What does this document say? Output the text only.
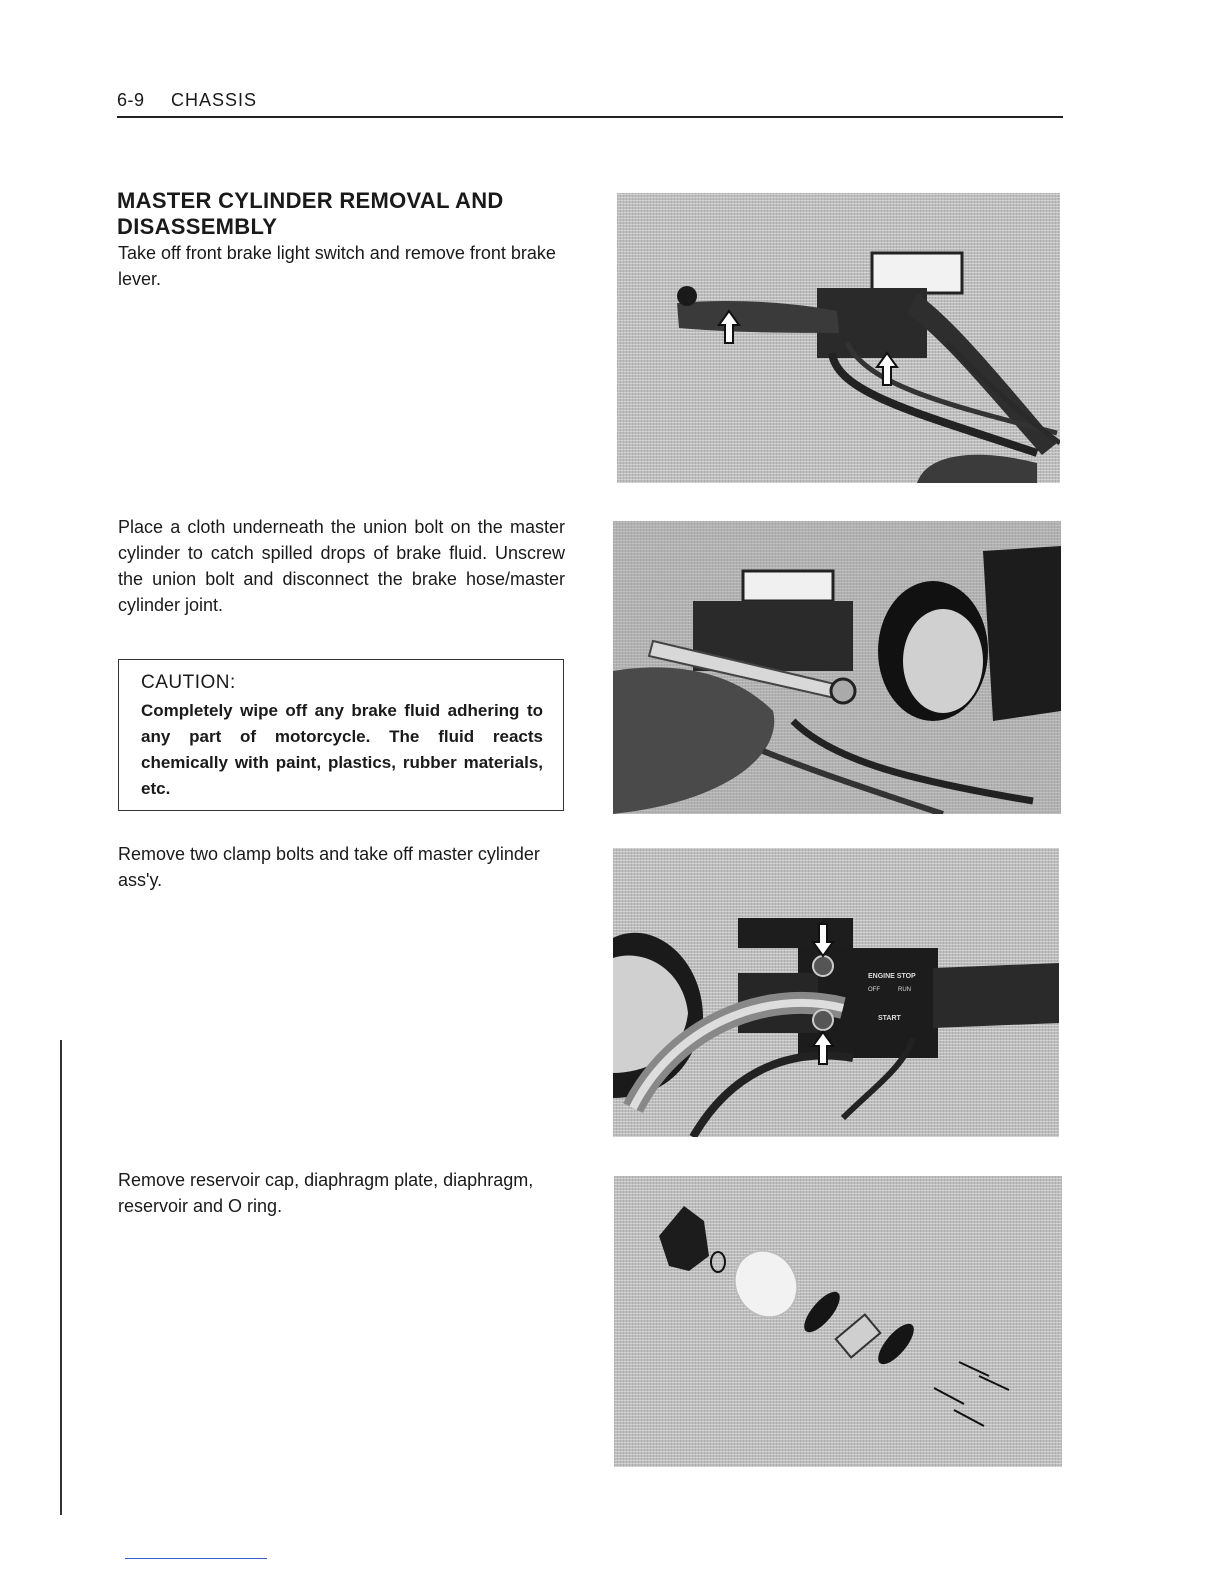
6-9 CHASSIS
MASTER CYLINDER REMOVAL AND DISASSEMBLY
Take off front brake light switch and remove front brake lever.
Place a cloth underneath the union bolt on the master cylinder to catch spilled drops of brake fluid. Unscrew the union bolt and disconnect the brake hose/master cylinder joint.
CAUTION:
Completely wipe off any brake fluid adhering to any part of motorcycle. The fluid reacts chemically with paint, plastics, rubber materials, etc.
Remove two clamp bolts and take off master cylinder ass'y.
Remove reservoir cap, diaphragm plate, diaphragm, reservoir and O ring.
ENGINE STOP
OFF	RUN
START
